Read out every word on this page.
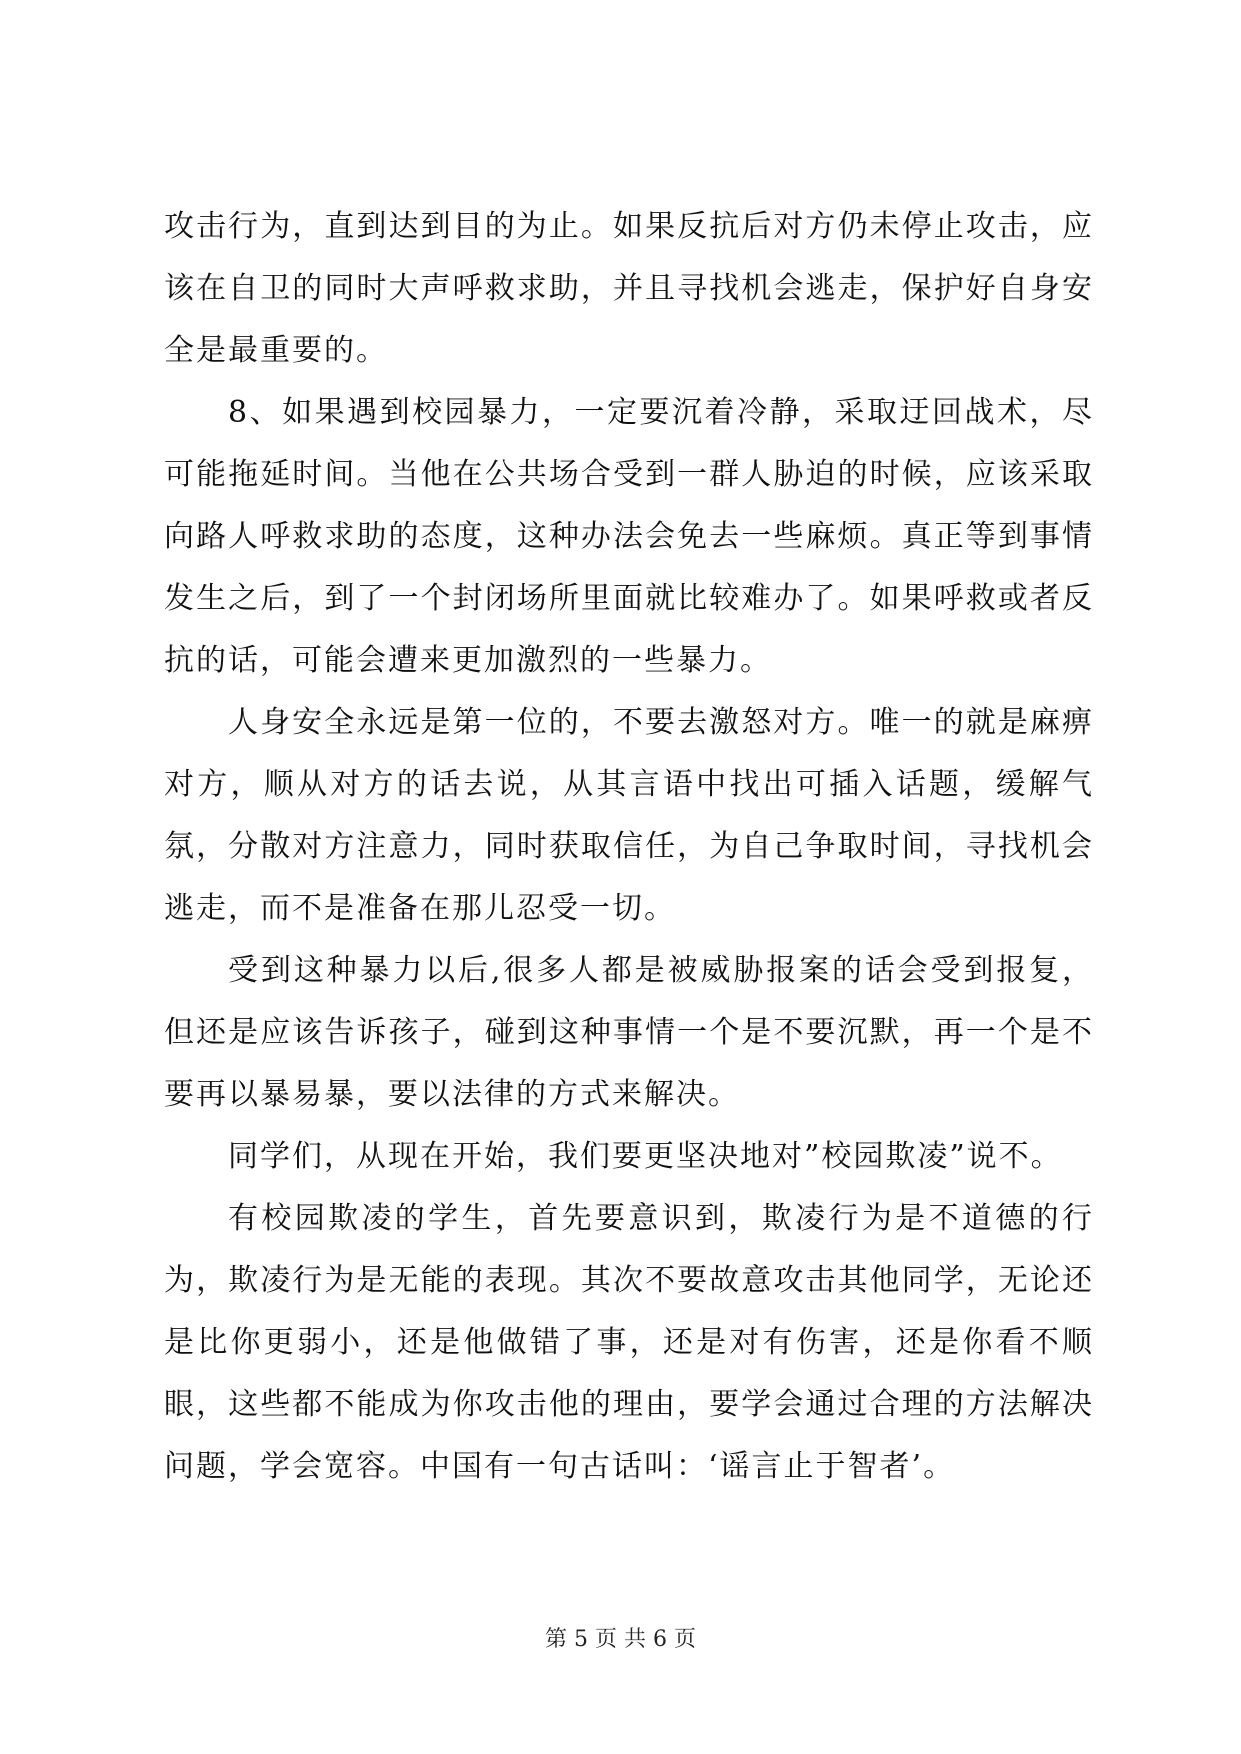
攻击行为，直到达到目的为止。如果反抗后对方仍未停止攻击，应该在自卫的同时大声呼救求助，并且寻找机会逃走，保护好自身安全是最重要的。

8、如果遇到校园暴力，一定要沉着冷静，采取迂回战术，尽可能拖延时间。当他在公共场合受到一群人胁迫的时候，应该采取向路人呼救求助的态度，这种办法会免去一些麻烦。真正等到事情发生之后，到了一个封闭场所里面就比较难办了。如果呼救或者反抗的话，可能会遭来更加激烈的一些暴力。

人身安全永远是第一位的，不要去激怒对方。唯一的就是麻痹对方，顺从对方的话去说，从其言语中找出可插入话题，缓解气氛，分散对方注意力，同时获取信任，为自己争取时间，寻找机会逃走，而不是准备在那儿忍受一切。

受到这种暴力以后,很多人都是被威胁报案的话会受到报复，但还是应该告诉孩子，碰到这种事情一个是不要沉默，再一个是不要再以暴易暴，要以法律的方式来解决。

同学们，从现在开始，我们要更坚决地对”校园欺凌”说不。

有校园欺凌的学生，首先要意识到，欺凌行为是不道德的行为，欺凌行为是无能的表现。其次不要故意攻击其他同学，无论还是比你更弱小，还是他做错了事，还是对有伤害，还是你看不顺眼，这些都不能成为你攻击他的理由，要学会通过合理的方法解决问题，学会宽容。中国有一句古话叫：‘谣言止于智者’。

第 5 页 共 6 页
